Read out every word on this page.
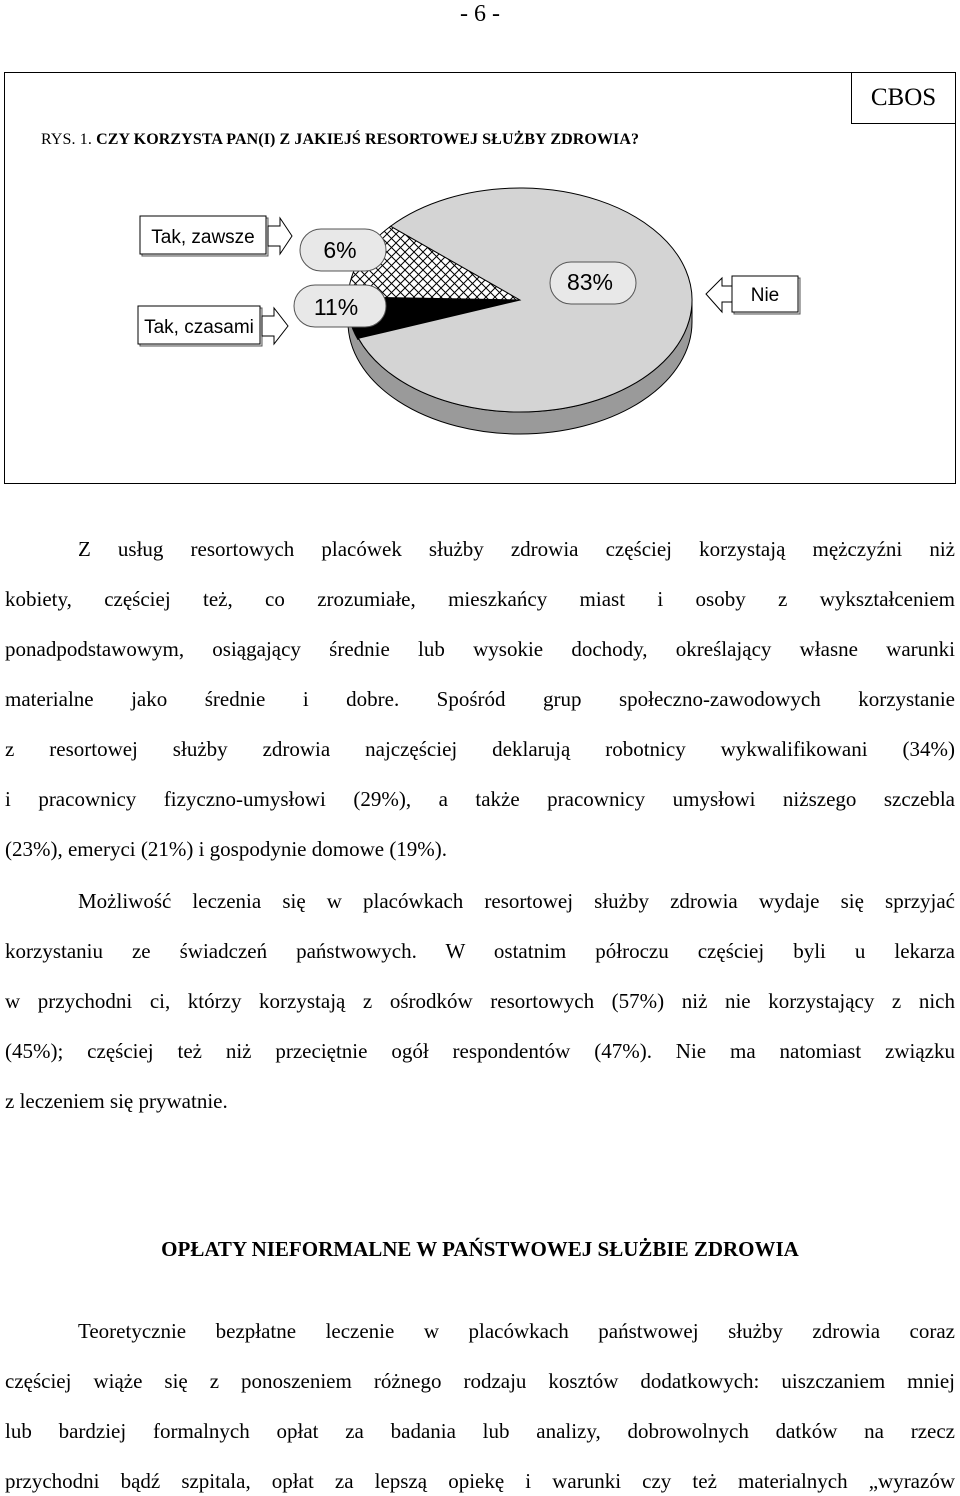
- 6 -
CBOS
RYS. 1. CZY KORZYSTA PAN(I) Z JAKIEJŚ RESORTOWEJ SŁUŻBY ZDROWIA?
Tak, zawsze
Tak, czasami
Nie
6%
11%
83%
Z usług resortowych placówek służby zdrowia częściej korzystają mężczyźni niż
kobiety, częściej też, co zrozumiałe, mieszkańcy miast i osoby z wykształceniem
ponadpodstawowym, osiągający średnie lub wysokie dochody, określający własne warunki
materialne jako średnie i dobre. Spośród grup społeczno-zawodowych korzystanie
z resortowej służby zdrowia najczęściej deklarują robotnicy wykwalifikowani (34%)
i pracownicy fizyczno-umysłowi (29%), a także pracownicy umysłowi niższego szczebla
(23%), emeryci (21%) i gospodynie domowe (19%).
Możliwość leczenia się w placówkach resortowej służby zdrowia wydaje się sprzyjać
korzystaniu ze świadczeń państwowych. W ostatnim półroczu częściej byli u lekarza
w przychodni ci, którzy korzystają z ośrodków resortowych (57%) niż nie korzystający z nich
(45%); częściej też niż przeciętnie ogół respondentów (47%). Nie ma natomiast związku
z leczeniem się prywatnie.
OPŁATY NIEFORMALNE W PAŃSTWOWEJ SŁUŻBIE ZDROWIA
Teoretycznie bezpłatne leczenie w placówkach państwowej służby zdrowia coraz
częściej wiąże się z ponoszeniem różnego rodzaju kosztów dodatkowych: uiszczaniem mniej
lub bardziej formalnych opłat za badania lub analizy, dobrowolnych datków na rzecz
przychodni bądź szpitala, opłat za lepszą opiekę i warunki czy też materialnych „wyrazów
